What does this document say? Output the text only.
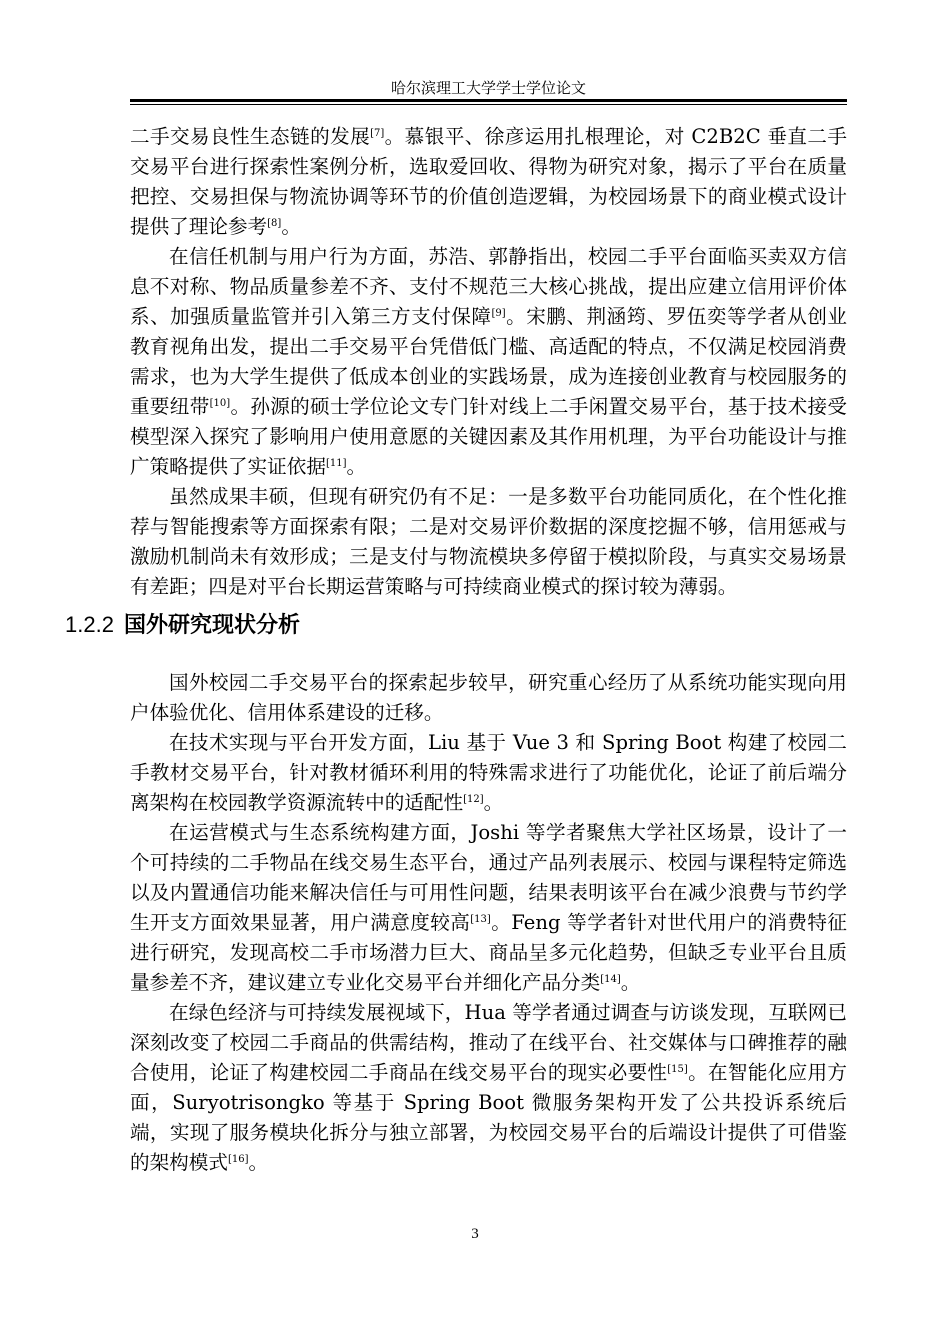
哈尔滨理工大学学士学位论文

二手交易良性生态链的发展[7]。慕银平、徐彦运用扎根理论，对 C2B2C 垂直二手交易平台进行探索性案例分析，选取爱回收、得物为研究对象，揭示了平台在质量把控、交易担保与物流协调等环节的价值创造逻辑，为校园场景下的商业模式设计提供了理论参考[8]。

在信任机制与用户行为方面，苏浩、郭静指出，校园二手平台面临买卖双方信息不对称、物品质量参差不齐、支付不规范三大核心挑战，提出应建立信用评价体系、加强质量监管并引入第三方支付保障[9]。宋鹏、荆涵筠、罗伍奕等学者从创业教育视角出发，提出二手交易平台凭借低门槛、高适配的特点，不仅满足校园消费需求，也为大学生提供了低成本创业的实践场景，成为连接创业教育与校园服务的重要纽带[10]。孙源的硕士学位论文专门针对线上二手闲置交易平台，基于技术接受模型深入探究了影响用户使用意愿的关键因素及其作用机理，为平台功能设计与推广策略提供了实证依据[11]。

虽然成果丰硕，但现有研究仍有不足：一是多数平台功能同质化，在个性化推荐与智能搜索等方面探索有限；二是对交易评价数据的深度挖掘不够，信用惩戒与激励机制尚未有效形成；三是支付与物流模块多停留于模拟阶段，与真实交易场景有差距；四是对平台长期运营策略与可持续商业模式的探讨较为薄弱。

1.2.2 国外研究现状分析

国外校园二手交易平台的探索起步较早，研究重心经历了从系统功能实现向用户体验优化、信用体系建设的迁移。

在技术实现与平台开发方面，Liu 基于 Vue 3 和 Spring Boot 构建了校园二手教材交易平台，针对教材循环利用的特殊需求进行了功能优化，论证了前后端分离架构在校园教学资源流转中的适配性[12]。

在运营模式与生态系统构建方面，Joshi 等学者聚焦大学社区场景，设计了一个可持续的二手物品在线交易生态平台，通过产品列表展示、校园与课程特定筛选以及内置通信功能来解决信任与可用性问题，结果表明该平台在减少浪费与节约学生开支方面效果显著，用户满意度较高[13]。Feng 等学者针对世代用户的消费特征进行研究，发现高校二手市场潜力巨大、商品呈多元化趋势，但缺乏专业平台且质量参差不齐，建议建立专业化交易平台并细化产品分类[14]。

在绿色经济与可持续发展视域下，Hua 等学者通过调查与访谈发现，互联网已深刻改变了校园二手商品的供需结构，推动了在线平台、社交媒体与口碑推荐的融合使用，论证了构建校园二手商品在线交易平台的现实必要性[15]。在智能化应用方面，Suryotrisongko 等基于 Spring Boot 微服务架构开发了公共投诉系统后端，实现了服务模块化拆分与独立部署，为校园交易平台的后端设计提供了可借鉴的架构模式[16]。

3
